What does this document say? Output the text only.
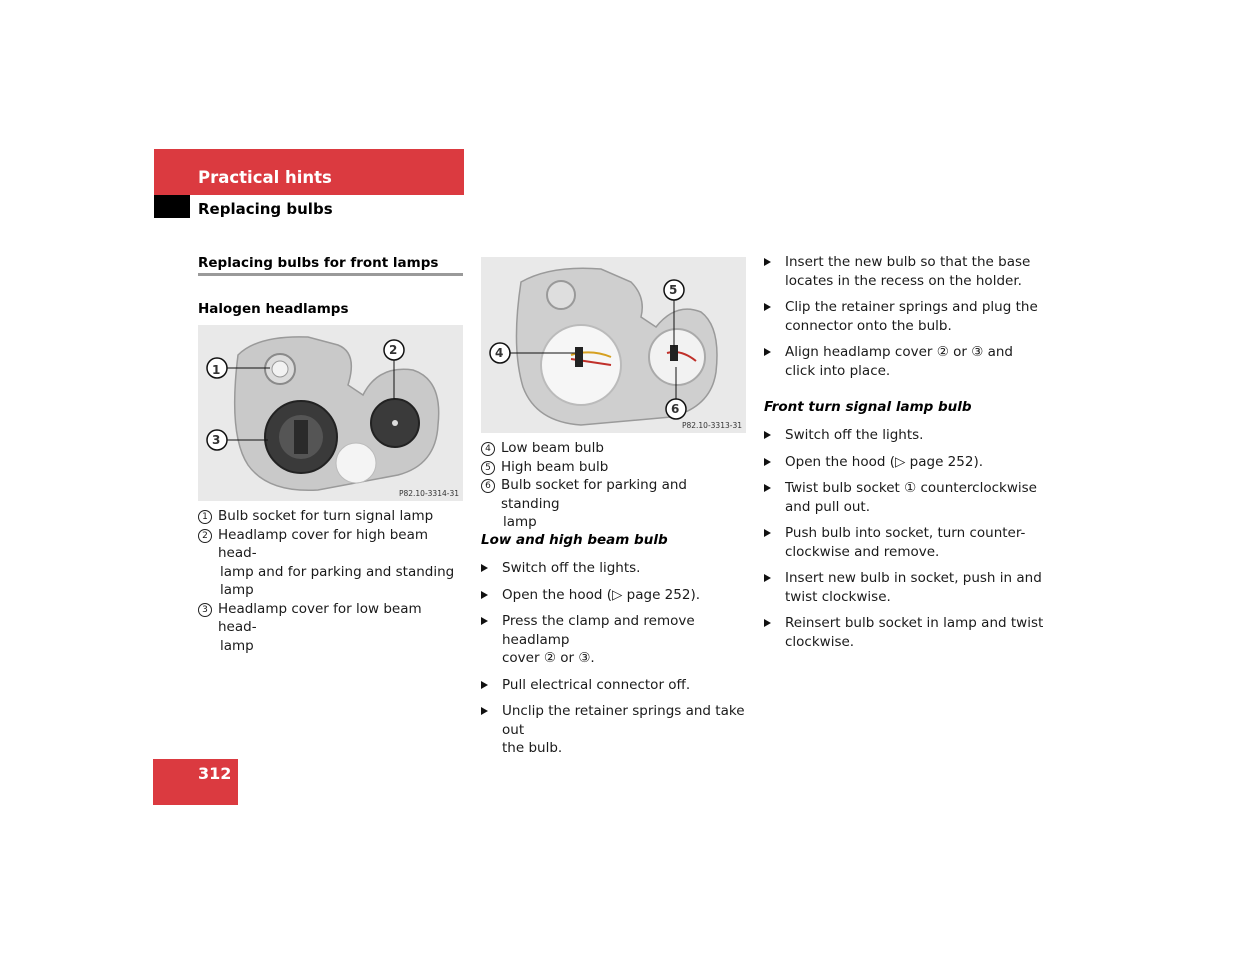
Practical hints
Replacing bulbs
Replacing bulbs for front lamps
Halogen headlamps
1
2
3
P82.10-3314-31
1 Bulb socket for turn signal lamp
2 Headlamp cover for high beam head-
lamp and for parking and standing
lamp
3 Headlamp cover for low beam head-
lamp
4
5
6
P82.10-3313-31
4 Low beam bulb
5 High beam bulb
6 Bulb socket for parking and standing
lamp
Low and high beam bulb
Switch off the lights.
Open the hood (▷ page 252).
Press the clamp and remove headlamp
cover ② or ③.
Pull electrical connector off.
Unclip the retainer springs and take out
the bulb.
Insert the new bulb so that the base
locates in the recess on the holder.
Clip the retainer springs and plug the
connector onto the bulb.
Align headlamp cover ② or ③ and
click into place.
Front turn signal lamp bulb
Switch off the lights.
Open the hood (▷ page 252).
Twist bulb socket ① counterclockwise
and pull out.
Push bulb into socket, turn counter-
clockwise and remove.
Insert new bulb in socket, push in and
twist clockwise.
Reinsert bulb socket in lamp and twist
clockwise.
312
